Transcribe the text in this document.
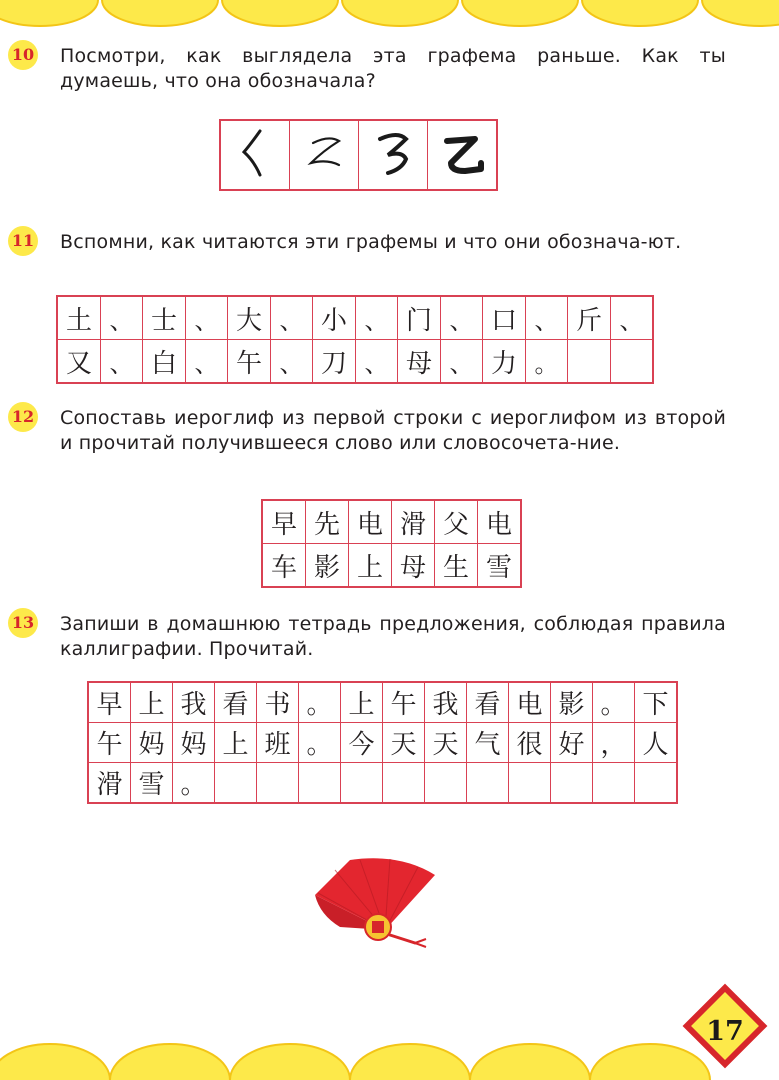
10 Посмотри, как выглядела эта графема раньше. Как ты думаешь, что она обозначала?

11 Вспомни, как читаются эти графемы и что они обознача-ют.

土	、	士	、	大	、	小	、	门	、	口	、	斤	、
又	、	白	、	午	、	刀	、	母	、	力	。		
12 Сопоставь иероглиф из первой строки с иероглифом из второй и прочитай получившееся слово или словосочета-ние.

早	先	电	滑	父	电
车	影	上	母	生	雪
13 Запиши в домашнюю тетрадь предложения, соблюдая правила каллиграфии. Прочитай.

早	上	我	看	书	。	上	午	我	看	电	影	。	下
午	妈	妈	上	班	。	今	天	天	气	很	好	，	人
滑	雪	。											
17
